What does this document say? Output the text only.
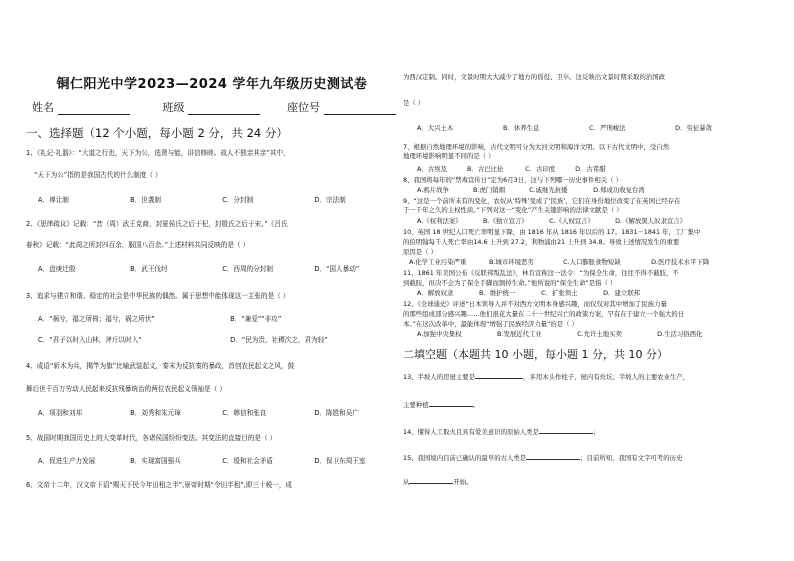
铜仁阳光中学2023—2024 学年九年级历史测试卷
姓名	班级	座位号
一、选择题（12 个小题，每小题 2 分，共 24 分）
1、《礼记·礼器》：“大道之行也，天下为公，选贤与能，讲信修睦。故人不独亲其亲”其中，
“天下为公”指的是我国古代的什么制度（ ）
A．禅让制	B．世袭制	C．分封制	D．宗法制
2、《思律疏议》记载：“昔（周）武王克商，封夏侯氏之后于杞，封殷氏之后于宋。”《吕氏
春秋》记载：“此周之所封四百余，服国八百余。”上述材料共同反映的是（ ）
A．盘庚迁殷	B．武王伐纣	C．西周的分封制	D．“国人暴动”
3、追求与建立和谐、稳定的社会是中华民族的偶然。属于思想中能体现这一主张的是（ ）
A．“祸兮，福之所倚；福兮，祸之所伏”	B．“兼爱”“非攻”
C．“君子以时入山林，斧斤以时入”	D．“民为贵，社稷次之，君为轻”
4、成语“斩木为兵，揭竿为旗”比喻武装起义，秦末为反抗秦的暴政，首创农民起义之风，鼓
舞后世千百万劳动人民起来反抗残暴统治的两位农民起义领袖是（ ）
A．项羽和刘邦	B．刘秀和朱元璋	C．韩信和张良	D．陈胜和吴广
5、战国时期我国历史上的大变革时代，各诸侯国纷纷变法。其变法的直接目的是（ ）
A．促进生产力发展	B．实现富国强兵	C．缓和社会矛盾	D．保卫东周王室
6、文帝十二年，汉文帝下诏“赐天下民今年田租之半”,景帝时期“令田半租”,即三十税一，成
为西汉定制。同时，文景时期大大减少了地方的徭役、卫卒。这反映出文景时期采取的治国政
是（ ）
A．大兴土木	B．休养生息	C．严刑峻法	D．穷征暴敛
7、根据自然地理环境的影响，古代文明可分为大河文明和海洋文明。以下古代文明中，受自然
地理环境影响明显不同的是（ ）
A．古埃及	B．古巴比伦	C．古印度	D．古希腊
8、我国将每年的“禁毒宣传日”定为6月3日，这与下列哪一历史事件相关（ ）
A.鸦片战争	B.虎门销烟	C.戚继光抗倭	D.郑成功收复台湾
9、“这是一个前所未有的变化，农奴从‘特殊’变成了‘民族’，它们在身份地位改变了在英国已经存在
于一千年之久的主权性质。”下列对这一“变化”产生关键影响的法律文献是（ ）
A.《权利法案》	B.《独立宣言》	C.《人权宣言》	D.《解放黑人奴隶宣言》
10、英国 18 世纪人口死亡率明显下降，由 1816 年从 1816 年以后的 17。1831－1841 年，工厂集中
的伯明翰每千人死亡率由14.6 上升到 27.2，利物浦由21 上升到 34.8。导致上述情况发生的重要
原因是（ ）
A.化学工业污染严重	B.城市环境恶劣	C.人口膨胀食物短缺	D.医疗技术水平下降
11、1861 年美国公布《反联邦叛乱法》，林肯宣称这一法令：“为保全生命，往往不得不截肢，不
到截肢，但决不会为了保全手脚而割掉生命。”他所说的“保全生命”是指（ ）
A．解放奴隶	B．维护统一	C．扩张领土	D．建立联邦
12、《全球通史》评述“日本领导人并不对西方文明本身感兴趣，而仅仅对其中增加了民族力量
的那些组成部分感兴趣……他们很花大量在二十一世纪兴亡的政策方案，罕有在于建立一个强大的日
本。”在这次改革中，最能体现“增强了民族经济力量”的是（ ）
A.加强中央集权	B.发展近代工业	C.允许土地买卖	D.生活习俗西化
二填空题（本题共 10 小题，每小题 1 分，共 10 分）
13、半坡人的房屋主要是	，多用木头作柱子，屋内有灶坑；半坡人的主要农业生产，
主要种植	。
14、懂得人工取火且具有爱美意识的原始人类是	；
15、我国境内目前已确认的最早的古人类是	；目前所知，我国有文字可考的历史
从	开始。
